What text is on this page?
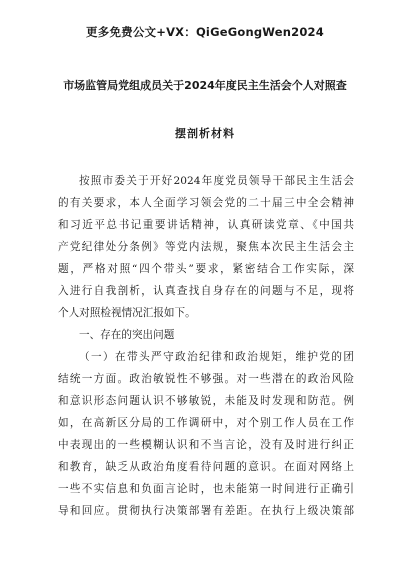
更多免费公文+VX：QiGeGongWen2024
市场监管局党组成员关于2024年度民主生活会个人对照查
摆剖析材料
按照市委关于开好2024年度党员领导干部民主生活会
的有关要求，本人全面学习领会党的二十届三中全会精神
和习近平总书记重要讲话精神，认真研读党章、《中国共
产党纪律处分条例》等党内法规，聚焦本次民主生活会主
题，严格对照“四个带头”要求，紧密结合工作实际，深
入进行自我剖析，认真查找自身存在的问题与不足，现将
个人对照检视情况汇报如下。
一、存在的突出问题
（一）在带头严守政治纪律和政治规矩，维护党的团
结统一方面。政治敏锐性不够强。对一些潜在的政治风险
和意识形态问题认识不够敏锐，未能及时发现和防范。例
如，在高新区分局的工作调研中，对个别工作人员在工作
中表现出的一些模糊认识和不当言论，没有及时进行纠正
和教育，缺乏从政治角度看待问题的意识。在面对网络上
一些不实信息和负面言论时，也未能第一时间进行正确引
导和回应。贯彻执行决策部署有差距。在执行上级决策部
